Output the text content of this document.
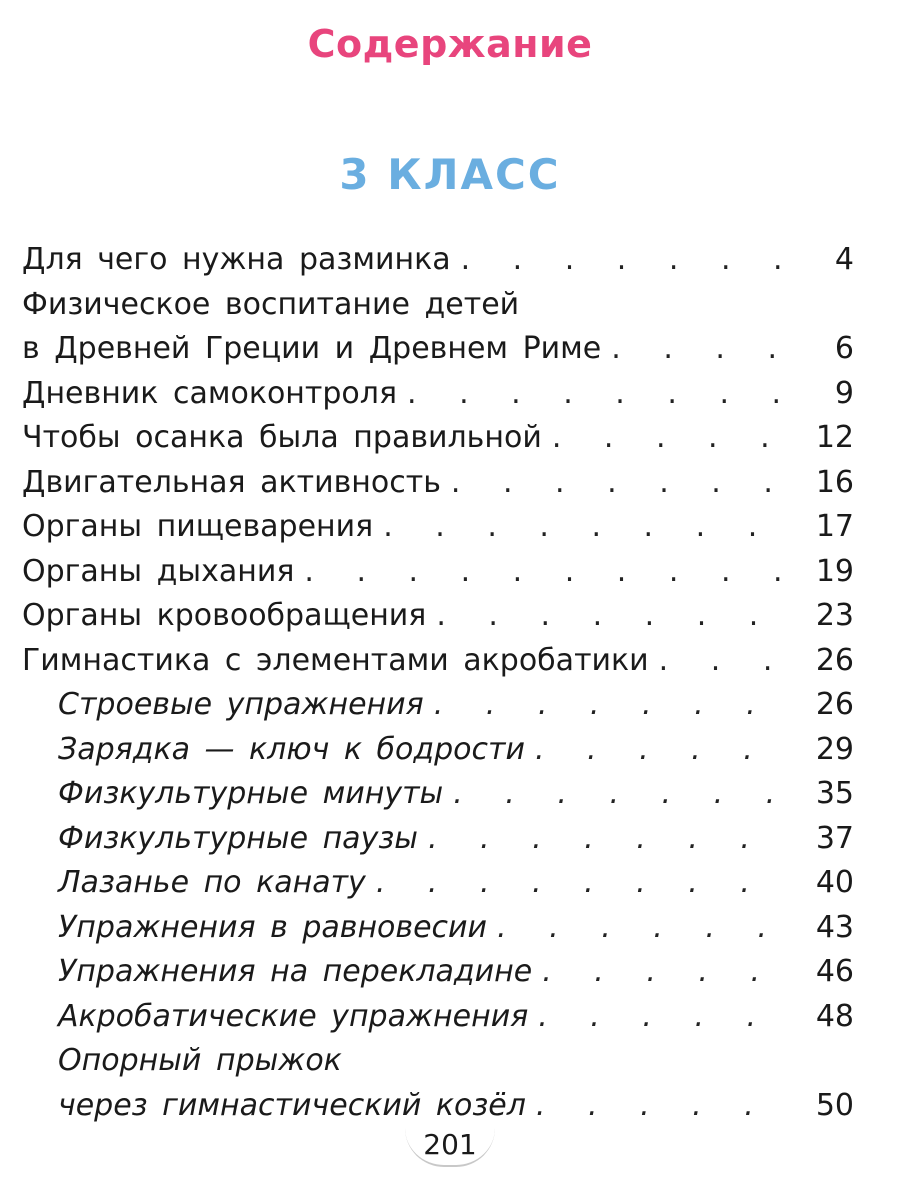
Содержание
3 КЛАСС
Для чего нужна разминка . . .	4
Физическое воспитание детей
в Древней Греции и Древнем Риме . . .	6
Дневник самоконтроля . . .	9
Чтобы осанка была правильной . . .	12
Двигательная активность . . .	16
Органы пищеварения . . .	17
Органы дыхания . . .	19
Органы кровообращения . . .	23
Гимнастика с элементами акробатики . . .	26
Строевые упражнения . . .	26
Зарядка — ключ к бодрости . . .	29
Физкультурные минуты . . .	35
Физкультурные паузы . . .	37
Лазанье по канату . . .	40
Упражнения в равновесии . . .	43
Упражнения на перекладине . . .	46
Акробатические упражнения . . .	48
Опорный прыжок
через гимнастический козёл . . .	50
201
